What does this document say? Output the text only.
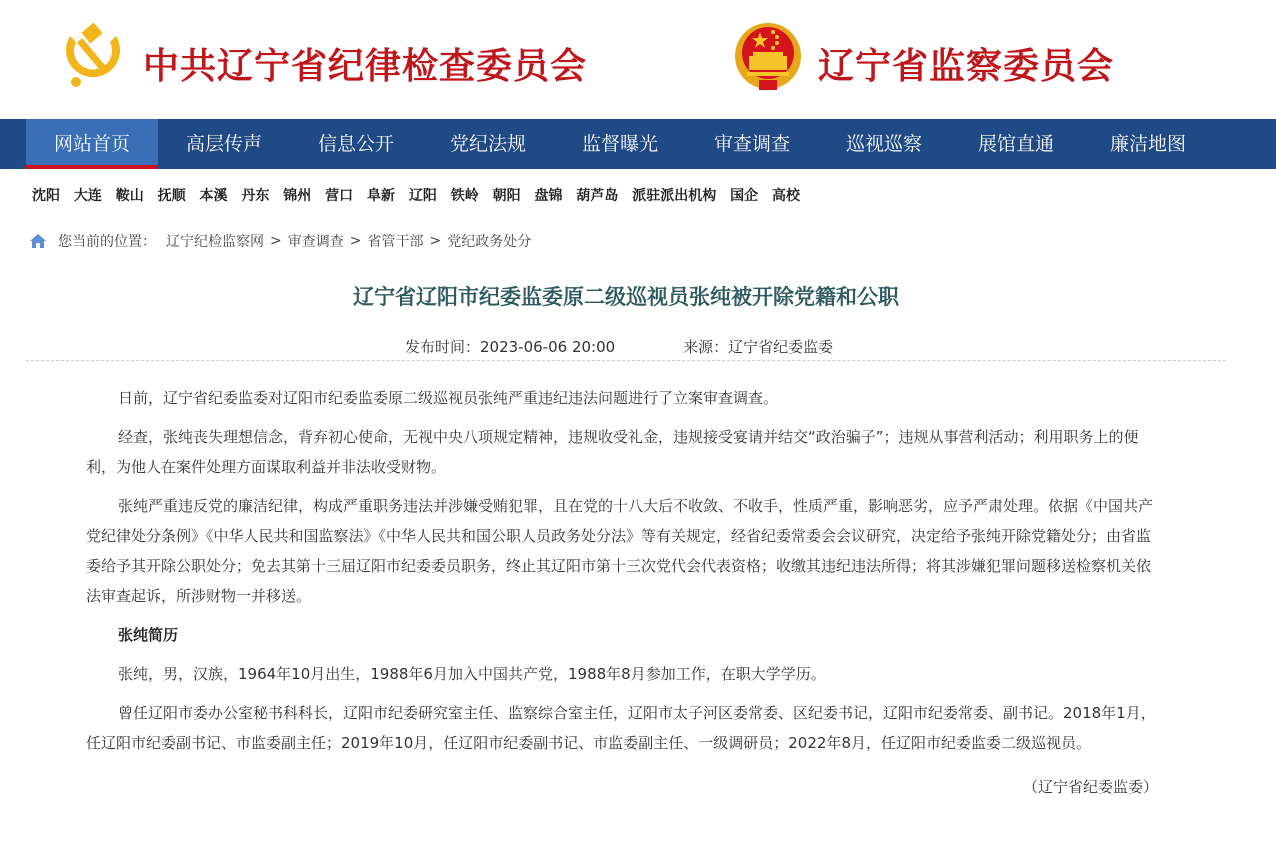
中共辽宁省纪律检查委员会	辽宁省监察委员会
网站首页	高层传声	信息公开	党纪法规	监督曝光	审查调查	巡视巡察	展馆直通	廉洁地图
沈阳 大连 鞍山 抚顺 本溪 丹东 锦州 营口 阜新 辽阳 铁岭 朝阳 盘锦 葫芦岛 派驻派出机构 国企 高校
您当前的位置： 辽宁纪检监察网 > 审查调查 > 省管干部 > 党纪政务处分
辽宁省辽阳市纪委监委原二级巡视员张纯被开除党籍和公职
发布时间：2023-06-06 20:00	来源：辽宁省纪委监委

日前，辽宁省纪委监委对辽阳市纪委监委原二级巡视员张纯严重违纪违法问题进行了立案审查调查。

经查，张纯丧失理想信念，背弃初心使命，无视中央八项规定精神，违规收受礼金，违规接受宴请并结交“政治骗子”；违规从事营利活动；利用职务上的便利，为他人在案件处理方面谋取利益并非法收受财物。

张纯严重违反党的廉洁纪律，构成严重职务违法并涉嫌受贿犯罪，且在党的十八大后不收敛、不收手，性质严重，影响恶劣，应予严肃处理。依据《中国共产党纪律处分条例》《中华人民共和国监察法》《中华人民共和国公职人员政务处分法》等有关规定，经省纪委常委会会议研究，决定给予张纯开除党籍处分；由省监委给予其开除公职处分；免去其第十三届辽阳市纪委委员职务，终止其辽阳市第十三次党代会代表资格；收缴其违纪违法所得；将其涉嫌犯罪问题移送检察机关依法审查起诉，所涉财物一并移送。

张纯简历

张纯，男，汉族，1964年10月出生，1988年6月加入中国共产党，1988年8月参加工作，在职大学学历。

曾任辽阳市委办公室秘书科科长，辽阳市纪委研究室主任、监察综合室主任，辽阳市太子河区委常委、区纪委书记，辽阳市纪委常委、副书记。2018年1月，任辽阳市纪委副书记、市监委副主任；2019年10月，任辽阳市纪委副书记、市监委副主任、一级调研员；2022年8月，任辽阳市纪委监委二级巡视员。

（辽宁省纪委监委）
